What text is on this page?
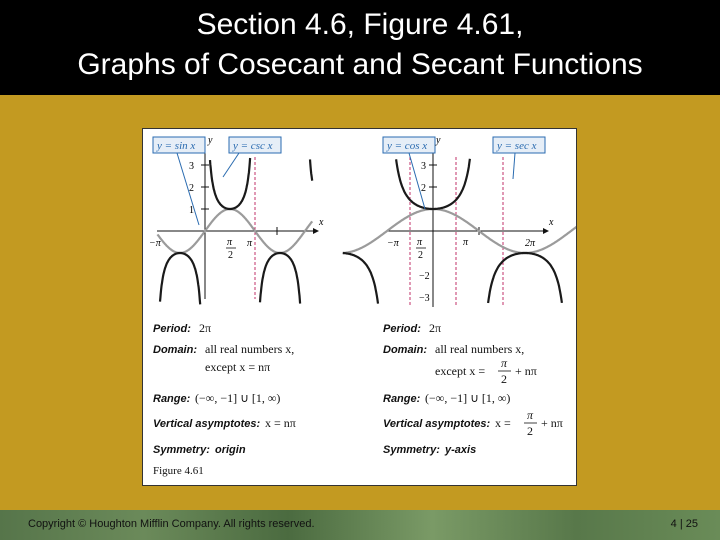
Section 4.6, Figure 4.61,
Graphs of Cosecant and Secant Functions
Copyright © Houghton Mifflin Company. All rights reserved.	4 | 25
y = sin x	y = csc x
y
x
3
2
1
−π	π
2
π
y = cos x	y = sec x
y
x
3
2
−2
−3
−π π
2
π	2π
Period: 2π
Domain: all real numbers x,
except x = nπ
Range: (−∞, −1] ∪ [1, ∞)
Vertical asymptotes: x = nπ
Symmetry: origin
Figure 4.61
Period: 2π
Domain: all real numbers x,
except x =
π
2
+ nπ
Range: (−∞, −1] ∪ [1, ∞)
Vertical asymptotes: x =
π
2
+ nπ
Symmetry: y-axis
